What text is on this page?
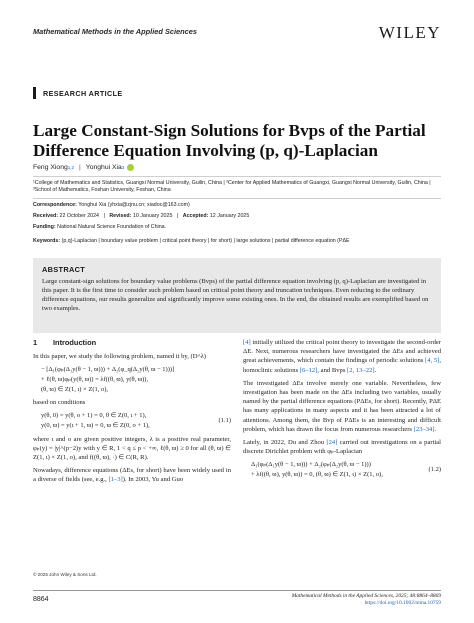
Mathematical Methods in the Applied Sciences	WILEY
RESEARCH ARTICLE
Large Constant-Sign Solutions for Bvps of the Partial Difference Equation Involving (p, q)-Laplacian
Feng Xiong 1,2 | Yonghui Xia 3
¹College of Mathematics and Statistics, Guangxi Normal University, Guilin, China | ²Center for Applied Mathematics of Guangxi, Guangxi Normal University, Guilin, China | ³School of Mathematics, Foshan University, Foshan, China
Correspondence: Yonghui Xia (yhxia@zjnu.cn; xiadoc@163.com)
Received: 22 October 2024 | Revised: 10 January 2025 | Accepted: 12 January 2025
Funding: National Natural Science Foundation of China.
Keywords: (p,q)-Laplacian | boundary value problem | critical point theory | for short) | large solutions | partial difference equation (PΔE
ABSTRACT

Large constant-sign solutions for boundary value problems (Bvps) of the partial difference equation involving (p, q)-Laplacian are investigated in this paper. It is the first time to consider such problem based on critical point theory and truncation techniques. Even reducing to the ordinary difference equations, our results generalize and significantly improve some existing ones. In the end, the obtained results are exemplified based on two examples.

1	Introduction

In this paper, we study the following problem, named it by, (D^λ)

− [Δ₁(φₚ(Δ₁y(θ − 1, ϖ))) + Δ₂(φ_q(Δ₂y(θ, ϖ − 1)))]
+ ℓ(θ, ϖ)φₚ(y(θ, ϖ)) = λf((θ, ϖ), y(θ, ϖ)),
(θ, ϖ) ∈ Z(1, ι) × Z(1, o),

based on conditions

y(θ, 0) = y(θ, o + 1) = 0, θ ∈ Z(0, ι + 1),
y(0, ϖ) = y(ι + 1, ϖ) = 0, ϖ ∈ Z(0, o + 1),
(1.1)

where ι and o are given positive integers, λ is a positive real parameter, φₚ(y) = |y|^(p−2)y with y ∈ R, 1 < q ≤ p < +∞, ℓ(θ, ϖ) ≥ 0 for all (θ, ϖ) ∈ Z(1, ι) × Z(1, o), and f((θ, ϖ), ·) ∈ C(R, R).

Nowadays, difference equations (ΔEs, for short) have been widely used in a diverse of fields (see, e.g., [1–3]). In 2003, Yu and Guo

[4] initially utilized the critical point theory to investigate the second-order ΔE. Next, numerous researchers have investigated the ΔEs and achieved great achievements, which contain the findings of periodic solutions [4, 5], homoclinic solutions [6–12], and Bvps [2, 13–22].

The investigated ΔEs involve merely one variable. Nevertheless, few investigation has been made on the ΔEs including two variables, usually named by the partial difference equations (PΔEs, for short). Recently, PΔE has many applications in many aspects and it has been attracted a lot of attentions. Among them, the Bvp of PΔEs is an interesting and difficult problem, which has drawn the focus from numerous researchers [23–34].

Lately, in 2022, Du and Zhou [24] carried out investigations on a partial discrete Dirichlet problem with φₚ-Laplacian

Δ₁(φₚ(Δ₁y(θ − 1, ϖ))) + Δ₂(φₚ(Δ₂y(θ, ϖ − 1)))
+ λf((θ, ϖ), y(θ, ϖ)) = 0, (θ, ϖ) ∈ Z(1, ι) × Z(1, o),
(1.2)
© 2025 John Wiley & Sons Ltd.
8864	Mathematical Methods in the Applied Sciences, 2025; 48:8864–8869
https://doi.org/10.1002/mma.10759
